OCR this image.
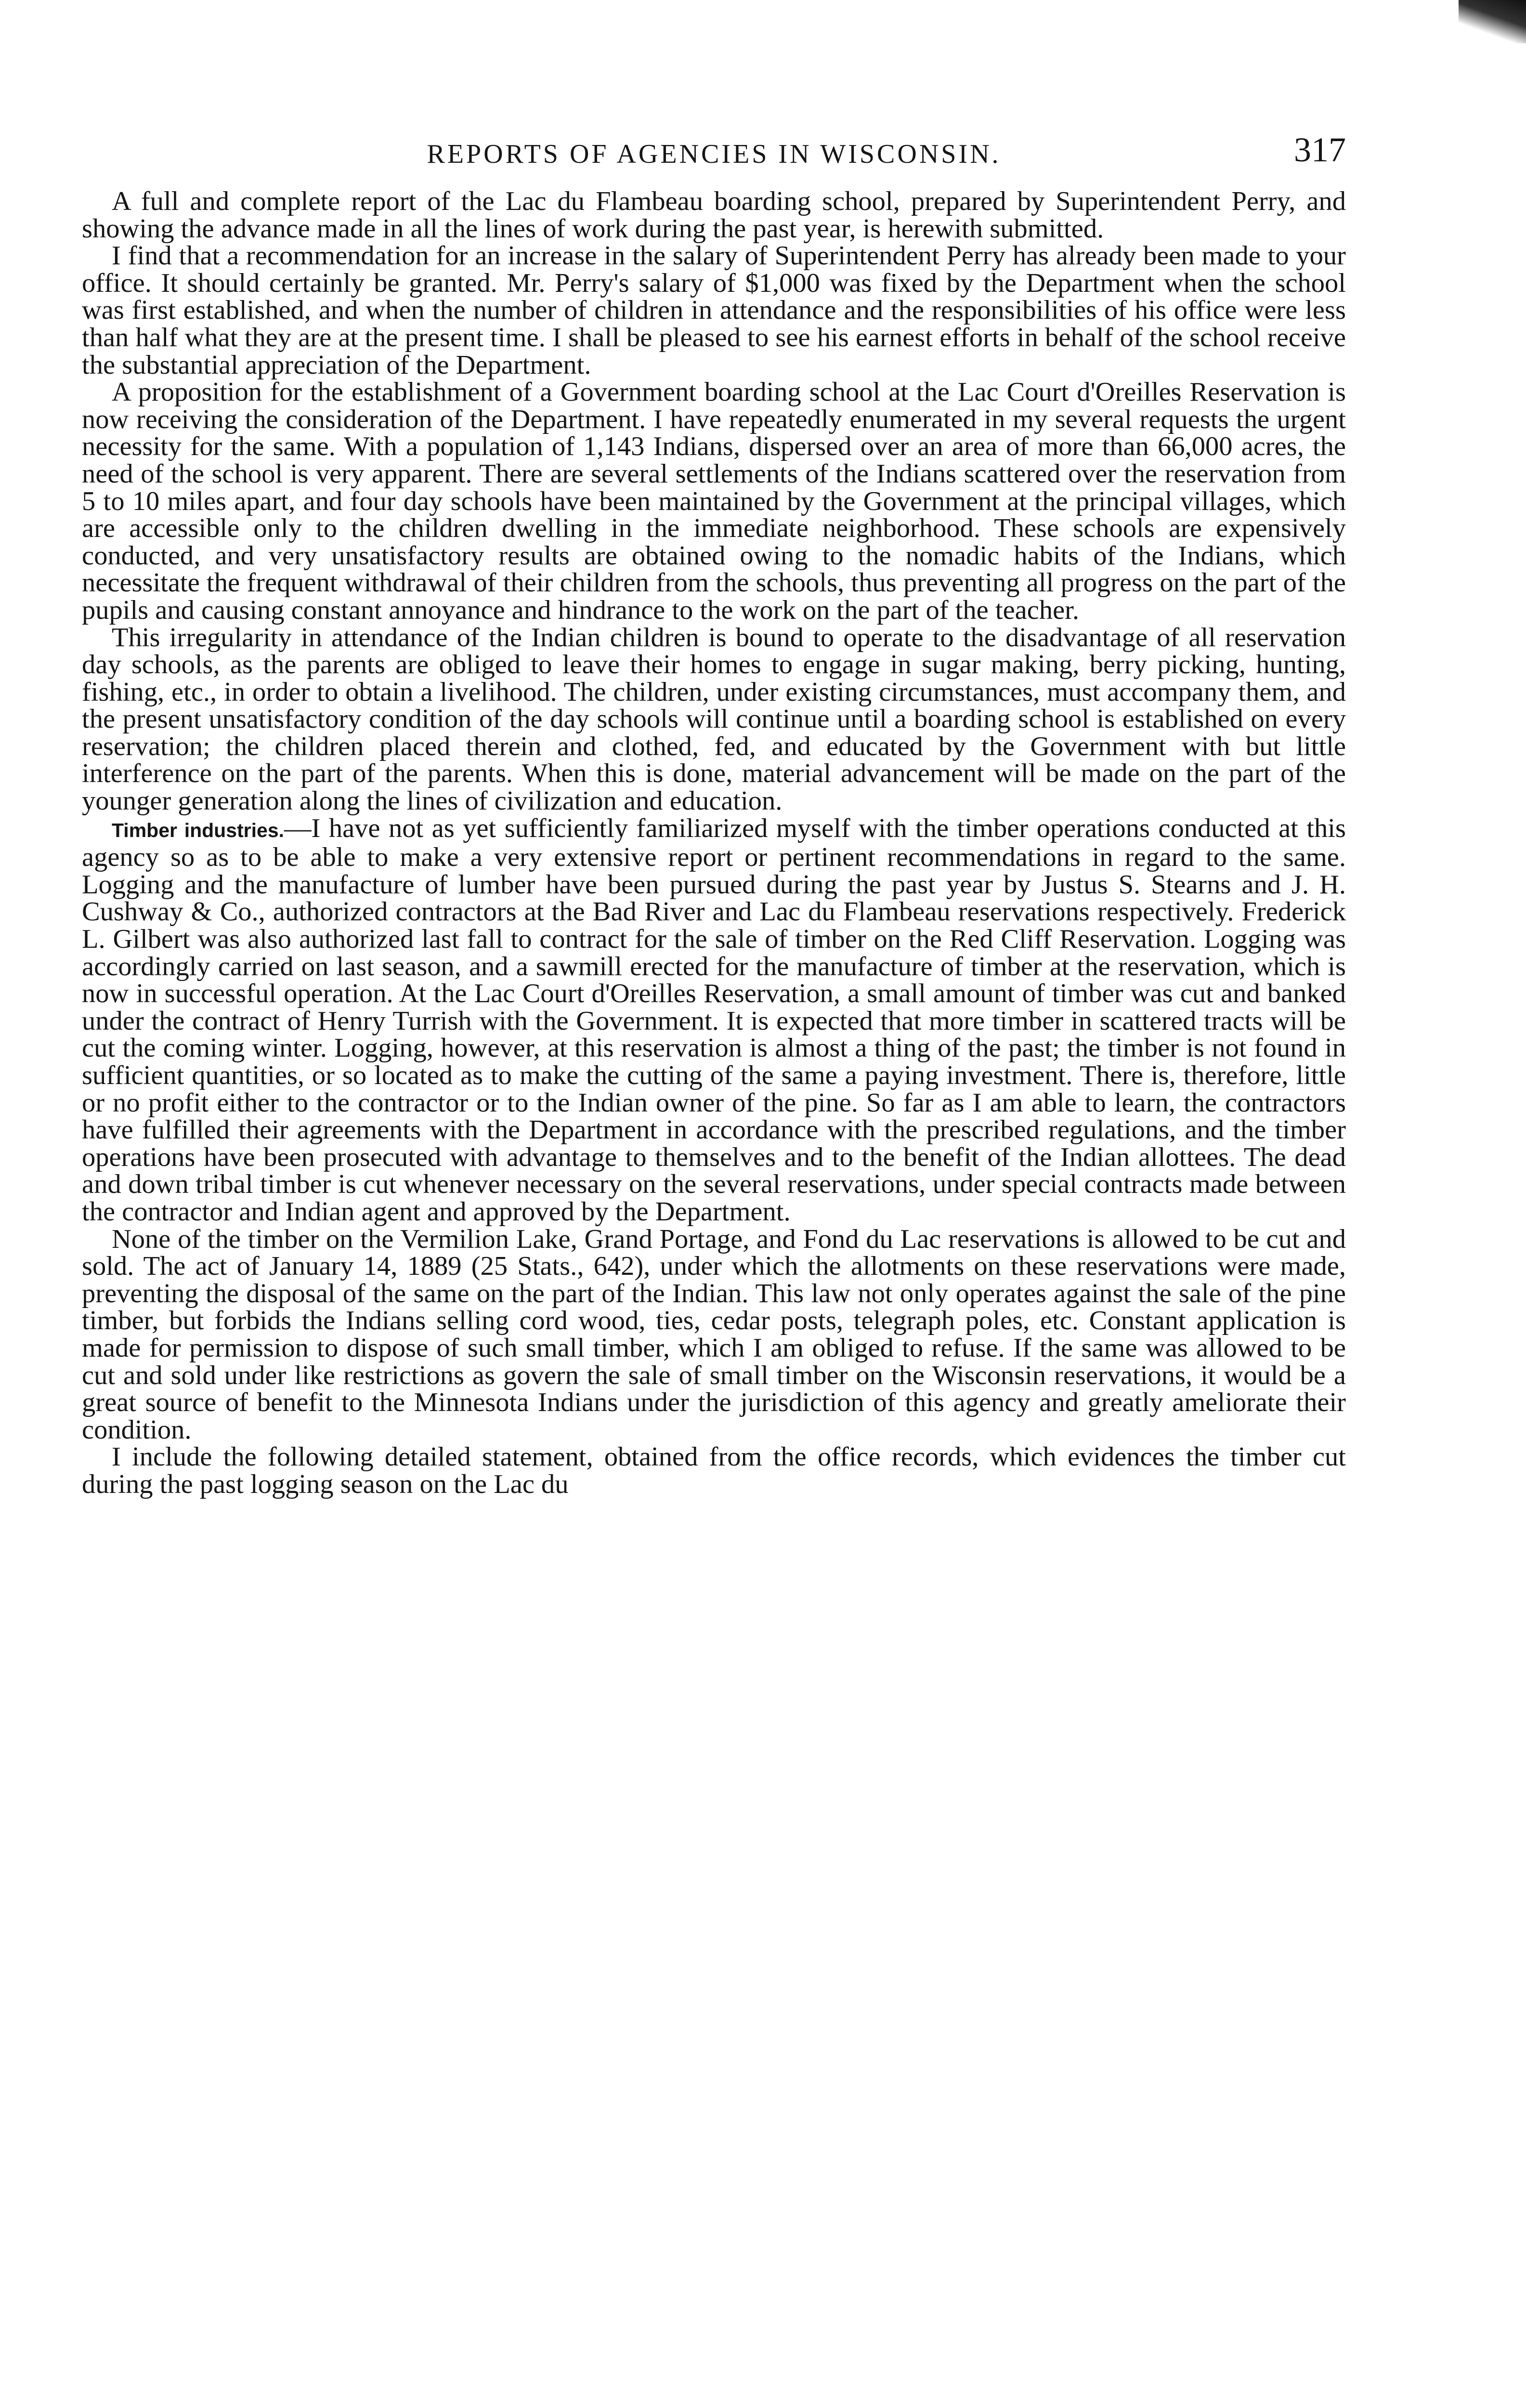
REPORTS OF AGENCIES IN WISCONSIN.	317

A full and complete report of the Lac du Flambeau boarding school, prepared by Superintendent Perry, and showing the advance made in all the lines of work during the past year, is herewith submitted.

I find that a recommendation for an increase in the salary of Superintendent Perry has already been made to your office. It should certainly be granted. Mr. Perry's salary of $1,000 was fixed by the Department when the school was first established, and when the number of children in attendance and the responsibilities of his office were less than half what they are at the present time. I shall be pleased to see his earnest efforts in behalf of the school receive the substantial appreciation of the Department.

A proposition for the establishment of a Government boarding school at the Lac Court d'Oreilles Reservation is now receiving the consideration of the Department. I have repeatedly enumerated in my several requests the urgent necessity for the same. With a population of 1,143 Indians, dispersed over an area of more than 66,000 acres, the need of the school is very apparent. There are several settlements of the Indians scattered over the reservation from 5 to 10 miles apart, and four day schools have been maintained by the Government at the principal villages, which are accessible only to the children dwelling in the immediate neighborhood. These schools are expensively conducted, and very unsatisfactory results are obtained owing to the nomadic habits of the Indians, which necessitate the frequent withdrawal of their children from the schools, thus preventing all progress on the part of the pupils and causing constant annoyance and hindrance to the work on the part of the teacher.

This irregularity in attendance of the Indian children is bound to operate to the disadvantage of all reservation day schools, as the parents are obliged to leave their homes to engage in sugar making, berry picking, hunting, fishing, etc., in order to obtain a livelihood. The children, under existing circumstances, must accompany them, and the present unsatisfactory condition of the day schools will continue until a boarding school is established on every reservation; the children placed therein and clothed, fed, and educated by the Government with but little interference on the part of the parents. When this is done, material advancement will be made on the part of the younger generation along the lines of civilization and education.

Timber industries.—I have not as yet sufficiently familiarized myself with the timber operations conducted at this agency so as to be able to make a very extensive report or pertinent recommendations in regard to the same. Logging and the manufacture of lumber have been pursued during the past year by Justus S. Stearns and J. H. Cushway & Co., authorized contractors at the Bad River and Lac du Flambeau reservations respectively. Frederick L. Gilbert was also authorized last fall to contract for the sale of timber on the Red Cliff Reservation. Logging was accordingly carried on last season, and a sawmill erected for the manufacture of timber at the reservation, which is now in successful operation. At the Lac Court d'Oreilles Reservation, a small amount of timber was cut and banked under the contract of Henry Turrish with the Government. It is expected that more timber in scattered tracts will be cut the coming winter. Logging, however, at this reservation is almost a thing of the past; the timber is not found in sufficient quantities, or so located as to make the cutting of the same a paying investment. There is, therefore, little or no profit either to the contractor or to the Indian owner of the pine. So far as I am able to learn, the contractors have fulfilled their agreements with the Department in accordance with the prescribed regulations, and the timber operations have been prosecuted with advantage to themselves and to the benefit of the Indian allottees. The dead and down tribal timber is cut whenever necessary on the several reservations, under special contracts made between the contractor and Indian agent and approved by the Department.

None of the timber on the Vermilion Lake, Grand Portage, and Fond du Lac reservations is allowed to be cut and sold. The act of January 14, 1889 (25 Stats., 642), under which the allotments on these reservations were made, preventing the disposal of the same on the part of the Indian. This law not only operates against the sale of the pine timber, but forbids the Indians selling cord wood, ties, cedar posts, telegraph poles, etc. Constant application is made for permission to dispose of such small timber, which I am obliged to refuse. If the same was allowed to be cut and sold under like restrictions as govern the sale of small timber on the Wisconsin reservations, it would be a great source of benefit to the Minnesota Indians under the jurisdiction of this agency and greatly ameliorate their condition.

I include the following detailed statement, obtained from the office records, which evidences the timber cut during the past logging season on the Lac du
